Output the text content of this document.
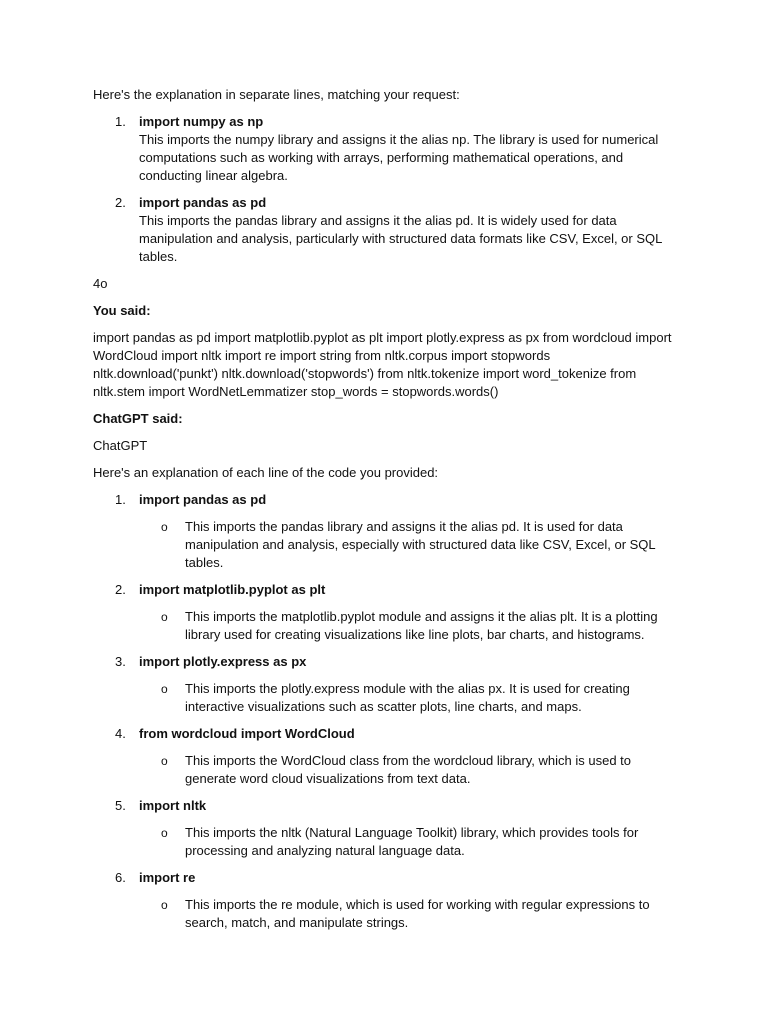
Here's the explanation in separate lines, matching your request:

1. import numpy as np
This imports the numpy library and assigns it the alias np. The library is used for numerical computations such as working with arrays, performing mathematical operations, and conducting linear algebra.
2. import pandas as pd
This imports the pandas library and assigns it the alias pd. It is widely used for data manipulation and analysis, particularly with structured data formats like CSV, Excel, or SQL tables.

4o

You said:

import pandas as pd import matplotlib.pyplot as plt import plotly.express as px from wordcloud import WordCloud import nltk import re import string from nltk.corpus import stopwords nltk.download('punkt') nltk.download('stopwords') from nltk.tokenize import word_tokenize from nltk.stem import WordNetLemmatizer stop_words = stopwords.words()

ChatGPT said:

ChatGPT

Here's an explanation of each line of the code you provided:

1. import pandas as pd
o This imports the pandas library and assigns it the alias pd. It is used for data manipulation and analysis, especially with structured data like CSV, Excel, or SQL tables.
2. import matplotlib.pyplot as plt
o This imports the matplotlib.pyplot module and assigns it the alias plt. It is a plotting library used for creating visualizations like line plots, bar charts, and histograms.
3. import plotly.express as px
o This imports the plotly.express module with the alias px. It is used for creating interactive visualizations such as scatter plots, line charts, and maps.
4. from wordcloud import WordCloud
o This imports the WordCloud class from the wordcloud library, which is used to generate word cloud visualizations from text data.
5. import nltk
o This imports the nltk (Natural Language Toolkit) library, which provides tools for processing and analyzing natural language data.
6. import re
o This imports the re module, which is used for working with regular expressions to search, match, and manipulate strings.
